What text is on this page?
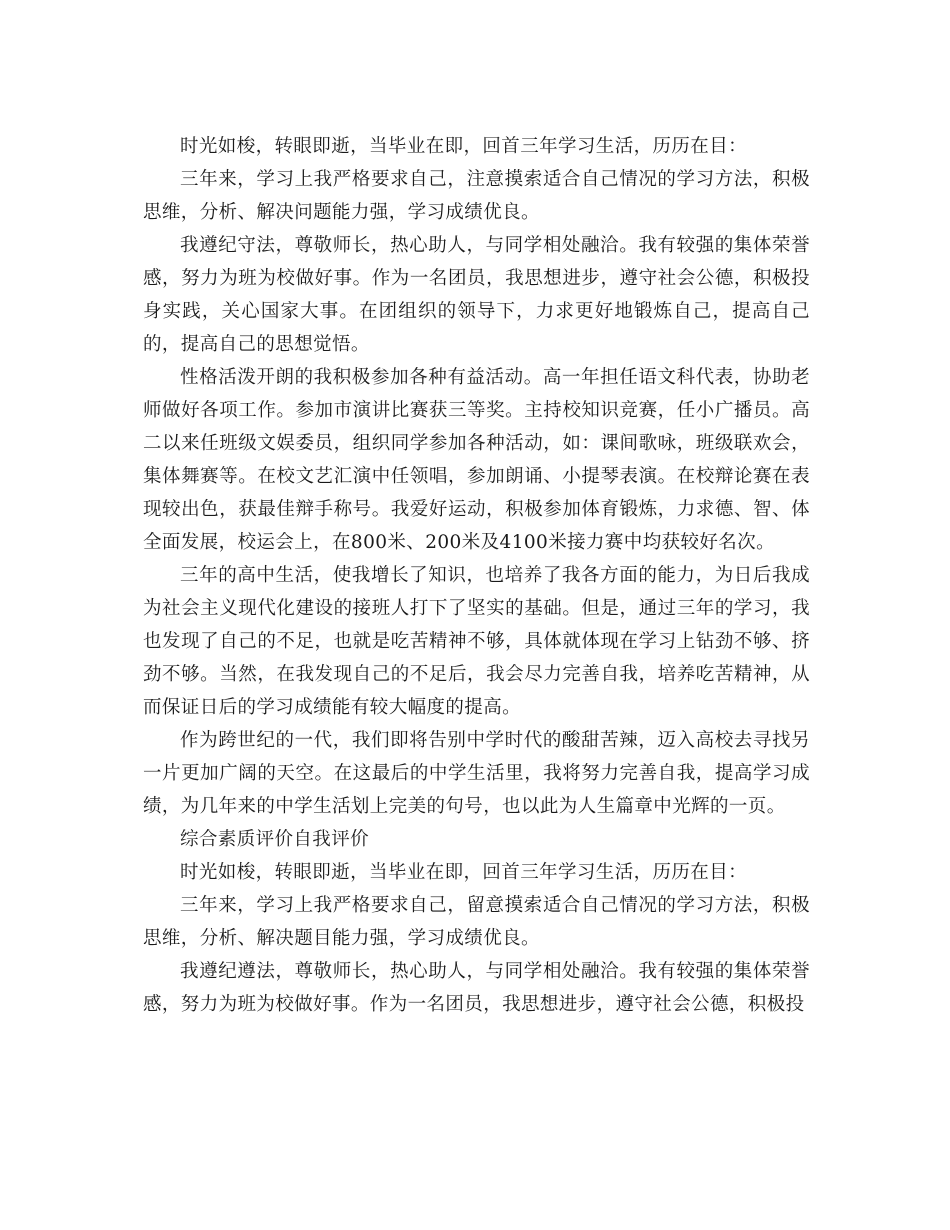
时光如梭，转眼即逝，当毕业在即，回首三年学习生活，历历在目：

三年来，学习上我严格要求自己，注意摸索适合自己情况的学习方法，积极思维，分析、解决问题能力强，学习成绩优良。

我遵纪守法，尊敬师长，热心助人，与同学相处融洽。我有较强的集体荣誉感，努力为班为校做好事。作为一名团员，我思想进步，遵守社会公德，积极投身实践，关心国家大事。在团组织的领导下，力求更好地锻炼自己，提高自己的，提高自己的思想觉悟。

性格活泼开朗的我积极参加各种有益活动。高一年担任语文科代表，协助老师做好各项工作。参加市演讲比赛获三等奖。主持校知识竞赛，任小广播员。高二以来任班级文娱委员，组织同学参加各种活动，如：课间歌咏，班级联欢会，集体舞赛等。在校文艺汇演中任领唱，参加朗诵、小提琴表演。在校辩论赛在表现较出色，获最佳辩手称号。我爱好运动，积极参加体育锻炼，力求德、智、体全面发展，校运会上，在800米、200米及4100米接力赛中均获较好名次。

三年的高中生活，使我增长了知识，也培养了我各方面的能力，为日后我成为社会主义现代化建设的接班人打下了坚实的基础。但是，通过三年的学习，我也发现了自己的不足，也就是吃苦精神不够，具体就体现在学习上钻劲不够、挤劲不够。当然，在我发现自己的不足后，我会尽力完善自我，培养吃苦精神，从而保证日后的学习成绩能有较大幅度的提高。

作为跨世纪的一代，我们即将告别中学时代的酸甜苦辣，迈入高校去寻找另一片更加广阔的天空。在这最后的中学生活里，我将努力完善自我，提高学习成绩，为几年来的中学生活划上完美的句号，也以此为人生篇章中光辉的一页。

综合素质评价自我评价

时光如梭，转眼即逝，当毕业在即，回首三年学习生活，历历在目：

三年来，学习上我严格要求自己，留意摸索适合自己情况的学习方法，积极思维，分析、解决题目能力强，学习成绩优良。

我遵纪遵法，尊敬师长，热心助人，与同学相处融洽。我有较强的集体荣誉感，努力为班为校做好事。作为一名团员，我思想进步，遵守社会公德，积极投
